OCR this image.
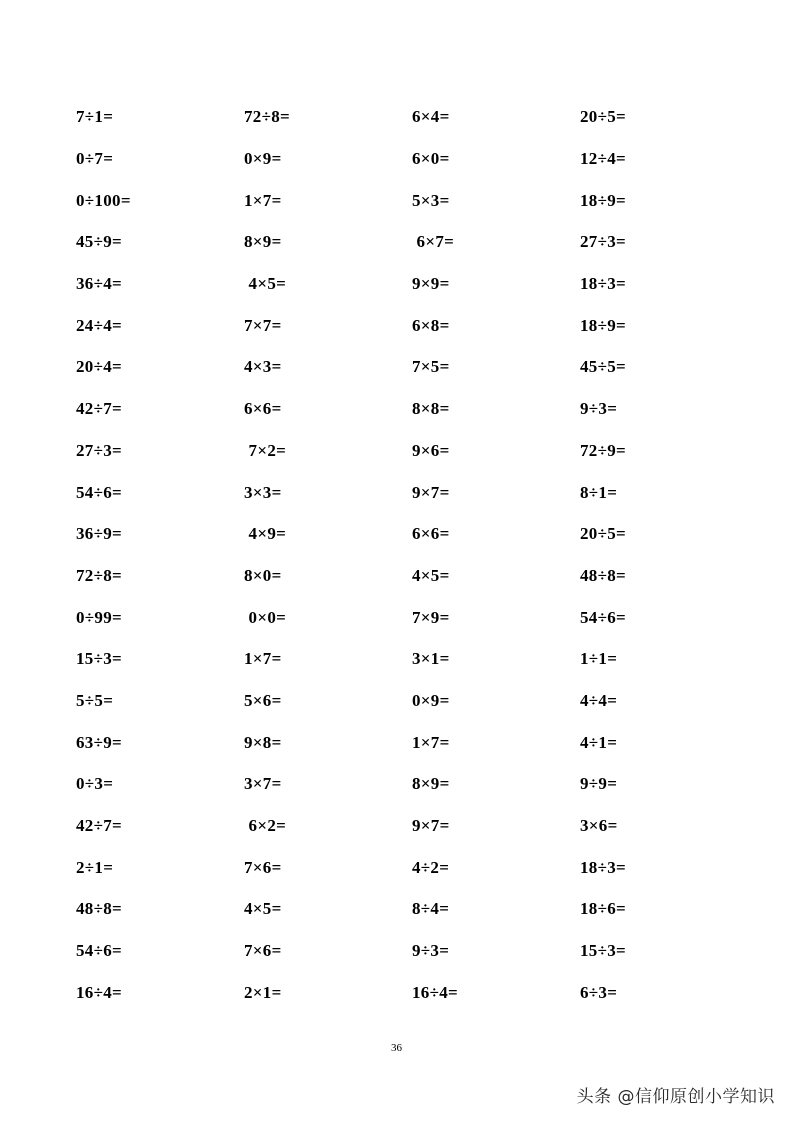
7÷1=	72÷8=	6×4=	20÷5=
0÷7=	0×9=	6×0=	12÷4=
0÷100=	1×7=	5×3=	18÷9=
45÷9=	8×9=	6×7=	27÷3=
36÷4=	4×5=	9×9=	18÷3=
24÷4=	7×7=	6×8=	18÷9=
20÷4=	4×3=	7×5=	45÷5=
42÷7=	6×6=	8×8=	9÷3=
27÷3=	7×2=	9×6=	72÷9=
54÷6=	3×3=	9×7=	8÷1=
36÷9=	4×9=	6×6=	20÷5=
72÷8=	8×0=	4×5=	48÷8=
0÷99=	0×0=	7×9=	54÷6=
15÷3=	1×7=	3×1=	1÷1=
5÷5=	5×6=	0×9=	4÷4=
63÷9=	9×8=	1×7=	4÷1=
0÷3=	3×7=	8×9=	9÷9=
42÷7=	6×2=	9×7=	3×6=
2÷1=	7×6=	4÷2=	18÷3=
48÷8=	4×5=	8÷4=	18÷6=
54÷6=	7×6=	9÷3=	15÷3=
16÷4=	2×1=	16÷4=	6÷3=
36
头条 @信仰原创小学知识
